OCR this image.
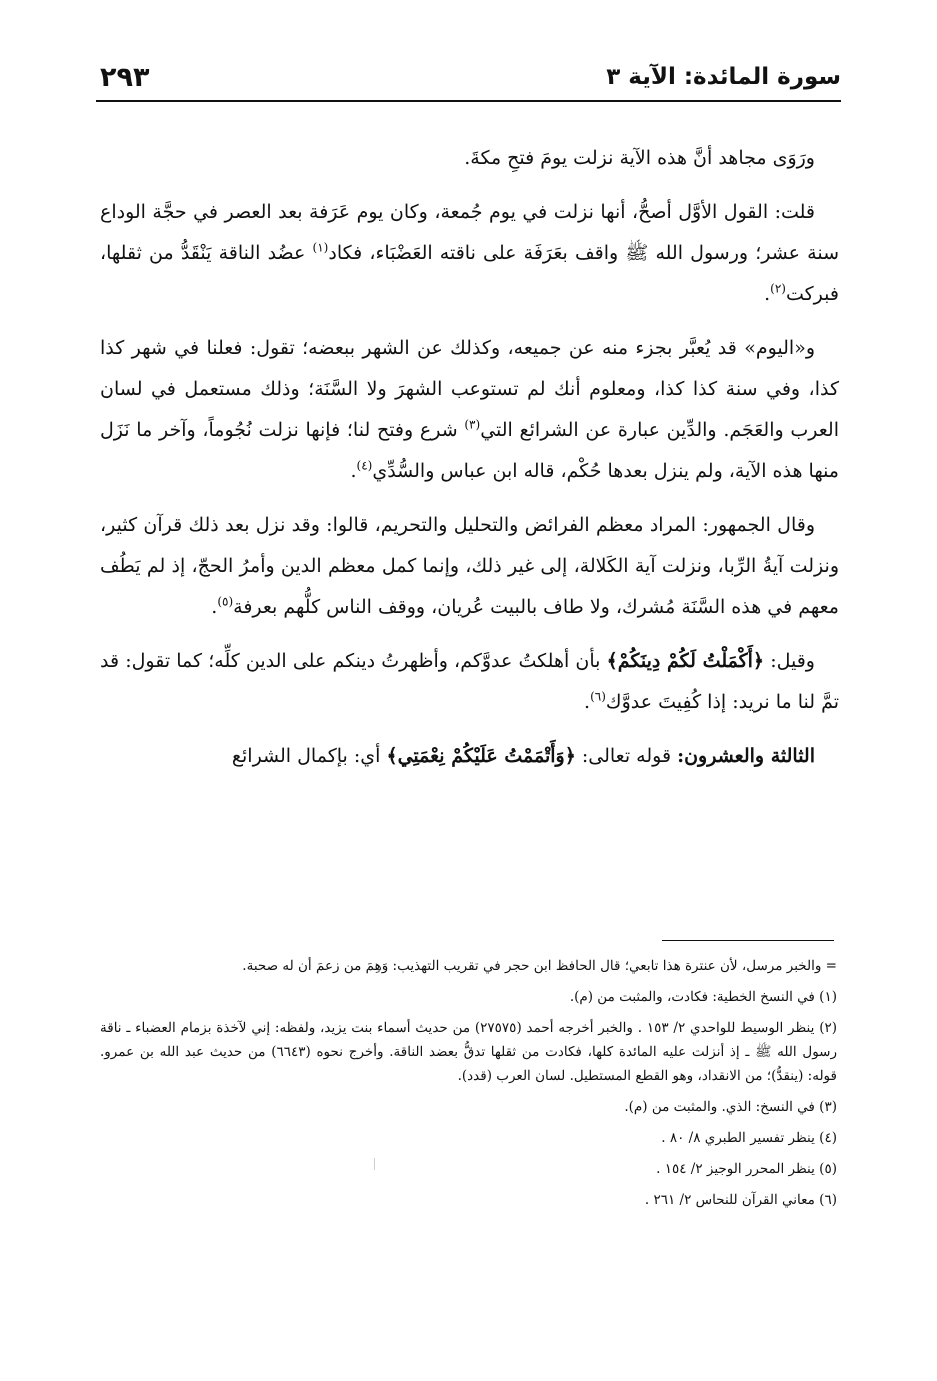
سورة المائدة: الآية ٣
٢٩٣

ورَوَى مجاهد أنَّ هذه الآية نزلت يومَ فتحِ مكةَ.

قلت: القول الأوَّل أصحُّ، أنها نزلت في يوم جُمعة، وكان يوم عَرَفة بعد العصر في حجَّة الوداع سنة عشر؛ ورسول الله ﷺ واقف بعَرَفَة على ناقته العَضْبَاء، فكاد$^{(١)}$ عضُد الناقة يَنْقَدُّ من ثقلها، فبركت$^{(٢)}$.

و«اليوم» قد يُعبَّر بجزء منه عن جميعه، وكذلك عن الشهر ببعضه؛ تقول: فعلنا في شهر كذا كذا، وفي سنة كذا كذا، ومعلوم أنك لم تستوعب الشهرَ ولا السَّنَة؛ وذلك مستعمل في لسان العرب والعَجَم. والدِّين عبارة عن الشرائع التي$^{(٣)}$ شرع وفتح لنا؛ فإنها نزلت نُجُوماً، وآخر ما نَزَل منها هذه الآية، ولم ينزل بعدها حُكْم، قاله ابن عباس والسُّدِّي$^{(٤)}$.

وقال الجمهور: المراد معظم الفرائض والتحليل والتحريم، قالوا: وقد نزل بعد ذلك قرآن كثير، ونزلت آيةُ الرِّبا، ونزلت آية الكَلالة، إلى غير ذلك، وإنما كمل معظم الدين وأمرُ الحجّ، إذ لم يَطُف معهم في هذه السَّنَة مُشرك، ولا طاف بالبيت عُريان، ووقف الناس كلُّهم بعرفة$^{(٥)}$.

وقيل: ﴿أَكْمَلْتُ لَكُمْ دِينَكُمْ﴾ بأن أهلكتُ عدوَّكم، وأظهرتُ دينكم على الدين كلِّه؛ كما تقول: قد تمَّ لنا ما نريد: إذا كُفِيتَ عدوَّك$^{(٦)}$.

الثالثة والعشرون: قوله تعالى: ﴿وَأَتْمَمْتُ عَلَيْكُمْ نِعْمَتِي﴾ أي: بإكمال الشرائع

= والخبر مرسل، لأن عنترة هذا تابعي؛ قال الحافظ ابن حجر في تقريب التهذيب: وَهِمَ من زعمَ أن له صحبة.
(١) في النسخ الخطية: فكادت، والمثبت من (م).
(٢) ينظر الوسيط للواحدي ٢/ ١٥٣ . والخبر أخرجه أحمد (٢٧٥٧٥) من حديث أسماء بنت يزيد، ولفظه: إني لآخذة بزمام العضباء ـ ناقة رسول الله ﷺ ـ إذ أنزلت عليه المائدة كلها، فكادت من ثقلها تدقُّ بعضد الناقة. وأخرج نحوه (٦٦٤٣) من حديث عبد الله بن عمرو. قوله: (ينقدُّ)؛ من الانقداد، وهو القطع المستطيل. لسان العرب (قدد).
(٣) في النسخ: الذي. والمثبت من (م).
(٤) ينظر تفسير الطبري ٨/ ٨٠ .
(٥) ينظر المحرر الوجيز ٢/ ١٥٤ .
(٦) معاني القرآن للنحاس ٢/ ٢٦١ .
